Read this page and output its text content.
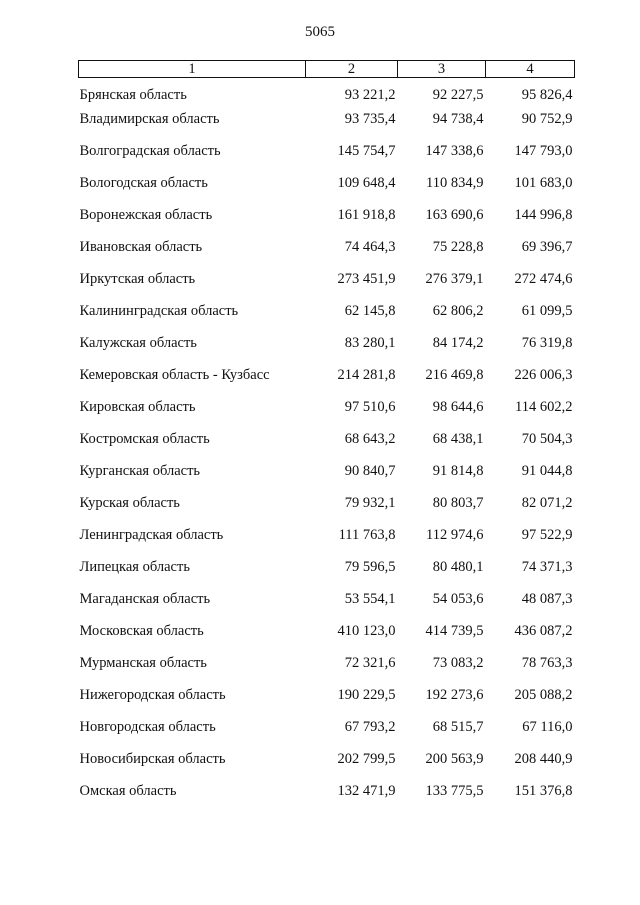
5065
1	2	3	4
Брянская область	93 221,2	92 227,5	95 826,4
Владимирская область	93 735,4	94 738,4	90 752,9
Волгоградская область	145 754,7	147 338,6	147 793,0
Вологодская область	109 648,4	110 834,9	101 683,0
Воронежская область	161 918,8	163 690,6	144 996,8
Ивановская область	74 464,3	75 228,8	69 396,7
Иркутская область	273 451,9	276 379,1	272 474,6
Калининградская область	62 145,8	62 806,2	61 099,5
Калужская область	83 280,1	84 174,2	76 319,8
Кемеровская область - Кузбасс	214 281,8	216 469,8	226 006,3
Кировская область	97 510,6	98 644,6	114 602,2
Костромская область	68 643,2	68 438,1	70 504,3
Курганская область	90 840,7	91 814,8	91 044,8
Курская область	79 932,1	80 803,7	82 071,2
Ленинградская область	111 763,8	112 974,6	97 522,9
Липецкая область	79 596,5	80 480,1	74 371,3
Магаданская область	53 554,1	54 053,6	48 087,3
Московская область	410 123,0	414 739,5	436 087,2
Мурманская область	72 321,6	73 083,2	78 763,3
Нижегородская область	190 229,5	192 273,6	205 088,2
Новгородская область	67 793,2	68 515,7	67 116,0
Новосибирская область	202 799,5	200 563,9	208 440,9
Омская область	132 471,9	133 775,5	151 376,8
